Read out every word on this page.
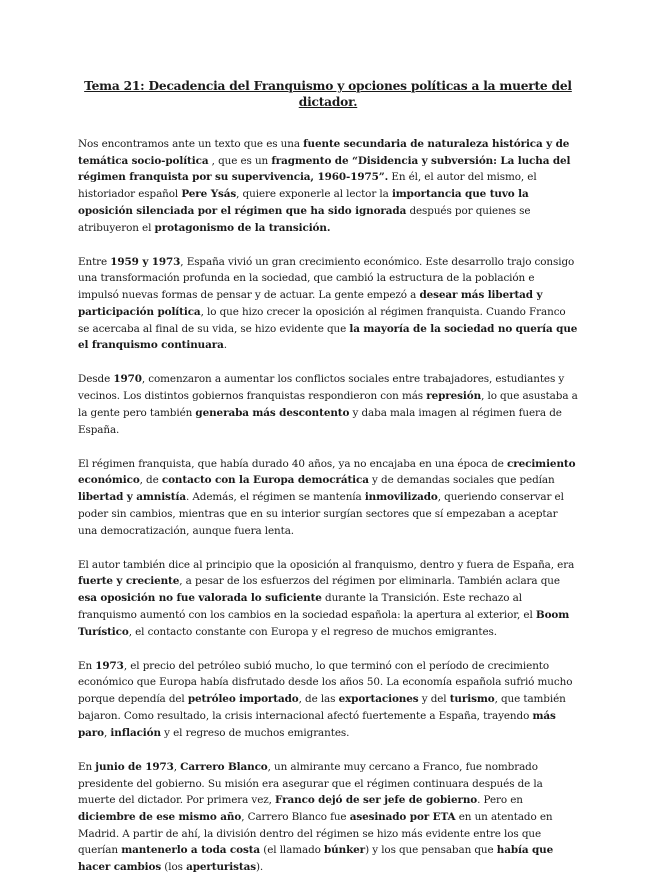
Tema 21: Decadencia del Franquismo y opciones políticas a la muerte del dictador.

Nos encontramos ante un texto que es una fuente secundaria de naturaleza histórica y de temática socio-política , que es un fragmento de “Disidencia y subversión: La lucha del régimen franquista por su supervivencia, 1960-1975”. En él, el autor del mismo, el historiador español Pere Ysás, quiere exponerle al lector la importancia que tuvo la oposición silenciada por el régimen que ha sido ignorada después por quienes se atribuyeron el protagonismo de la transición.

Entre 1959 y 1973, España vivió un gran crecimiento económico. Este desarrollo trajo consigo una transformación profunda en la sociedad, que cambió la estructura de la población e impulsó nuevas formas de pensar y de actuar. La gente empezó a desear más libertad y participación política, lo que hizo crecer la oposición al régimen franquista. Cuando Franco se acercaba al final de su vida, se hizo evidente que la mayoría de la sociedad no quería que el franquismo continuara.

Desde 1970, comenzaron a aumentar los conflictos sociales entre trabajadores, estudiantes y vecinos. Los distintos gobiernos franquistas respondieron con más represión, lo que asustaba a la gente pero también generaba más descontento y daba mala imagen al régimen fuera de España.

El régimen franquista, que había durado 40 años, ya no encajaba en una época de crecimiento económico, de contacto con la Europa democrática y de demandas sociales que pedían libertad y amnistía. Además, el régimen se mantenía inmovilizado, queriendo conservar el poder sin cambios, mientras que en su interior surgían sectores que sí empezaban a aceptar una democratización, aunque fuera lenta.

El autor también dice al principio que la oposición al franquismo, dentro y fuera de España, era fuerte y creciente, a pesar de los esfuerzos del régimen por eliminarla. También aclara que esa oposición no fue valorada lo suficiente durante la Transición. Este rechazo al franquismo aumentó con los cambios en la sociedad española: la apertura al exterior, el Boom Turístico, el contacto constante con Europa y el regreso de muchos emigrantes.

En 1973, el precio del petróleo subió mucho, lo que terminó con el período de crecimiento económico que Europa había disfrutado desde los años 50. La economía española sufrió mucho porque dependía del petróleo importado, de las exportaciones y del turismo, que también bajaron. Como resultado, la crisis internacional afectó fuertemente a España, trayendo más paro, inflación y el regreso de muchos emigrantes.

En junio de 1973, Carrero Blanco, un almirante muy cercano a Franco, fue nombrado presidente del gobierno. Su misión era asegurar que el régimen continuara después de la muerte del dictador. Por primera vez, Franco dejó de ser jefe de gobierno. Pero en diciembre de ese mismo año, Carrero Blanco fue asesinado por ETA en un atentado en Madrid. A partir de ahí, la división dentro del régimen se hizo más evidente entre los que querían mantenerlo a toda costa (el llamado búnker) y los que pensaban que había que hacer cambios (los aperturistas).
